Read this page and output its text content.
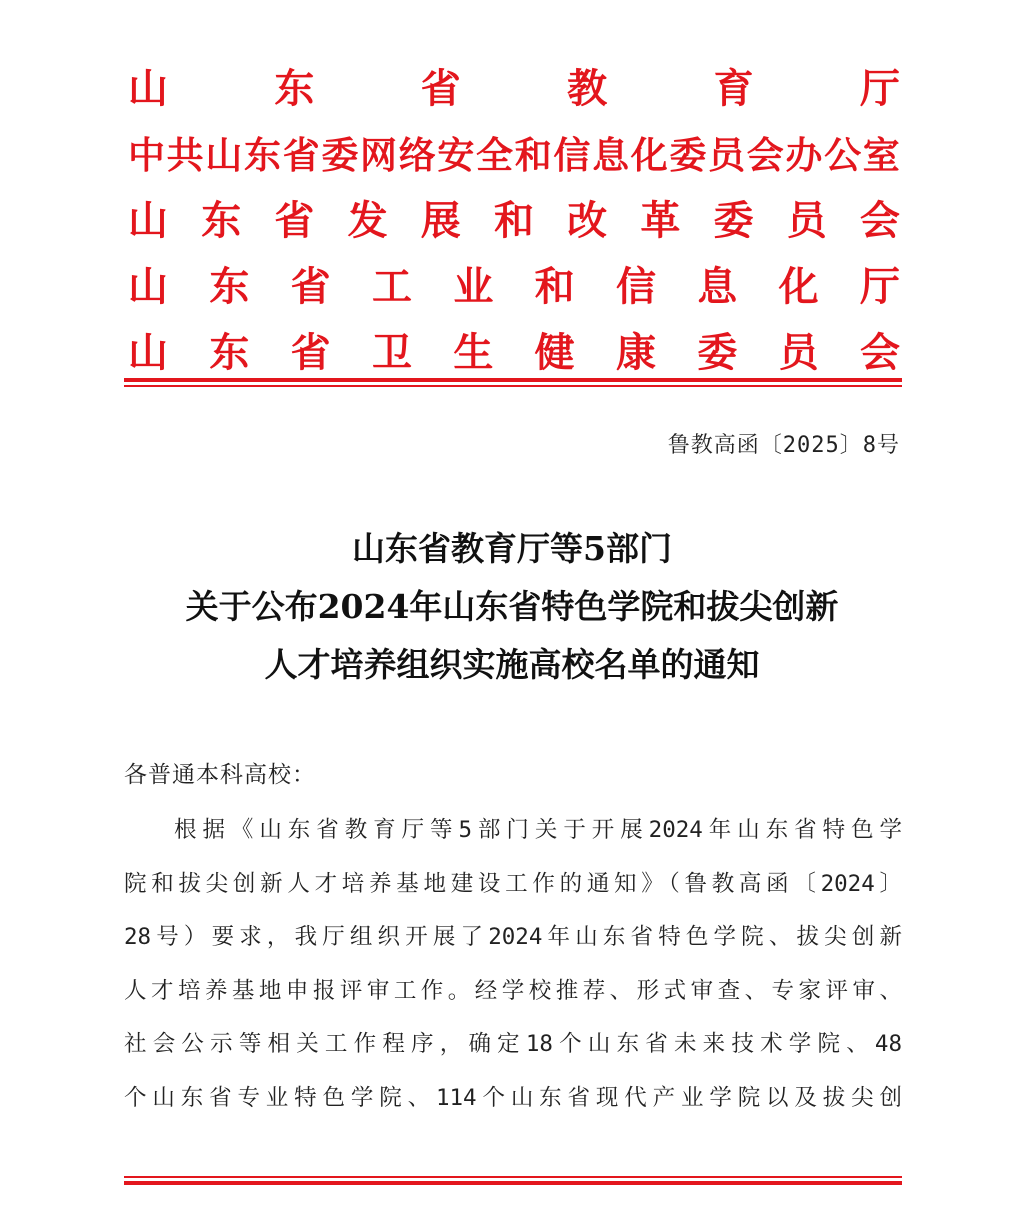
山	东	省	教	育	厅
中 共 山 东 省 委 网 络 安 全 和 信 息 化 委 员 会 办 公 室
山 东 省 发 展 和 改 革 委 员 会
山 东 省 工 业 和 信 息 化 厅
山 东 省 卫 生 健 康 委 员 会
鲁教高函〔2025〕8号
山东省教育厅等5部门
关于公布2024年山东省特色学院和拔尖创新
人才培养组织实施高校名单的通知
各普通本科高校：
根据《山东省教育厅等5部门关于开展2024年山东省特色学
院和拔尖创新人才培养基地建设工作的通知》（鲁教高函〔2024〕
28号）要求，我厅组织开展了2024年山东省特色学院、拔尖创新
人才培养基地申报评审工作。经学校推荐、形式审查、专家评审、
社会公示等相关工作程序，确定18个山东省未来技术学院、48
个山东省专业特色学院、114个山东省现代产业学院以及拔尖创
